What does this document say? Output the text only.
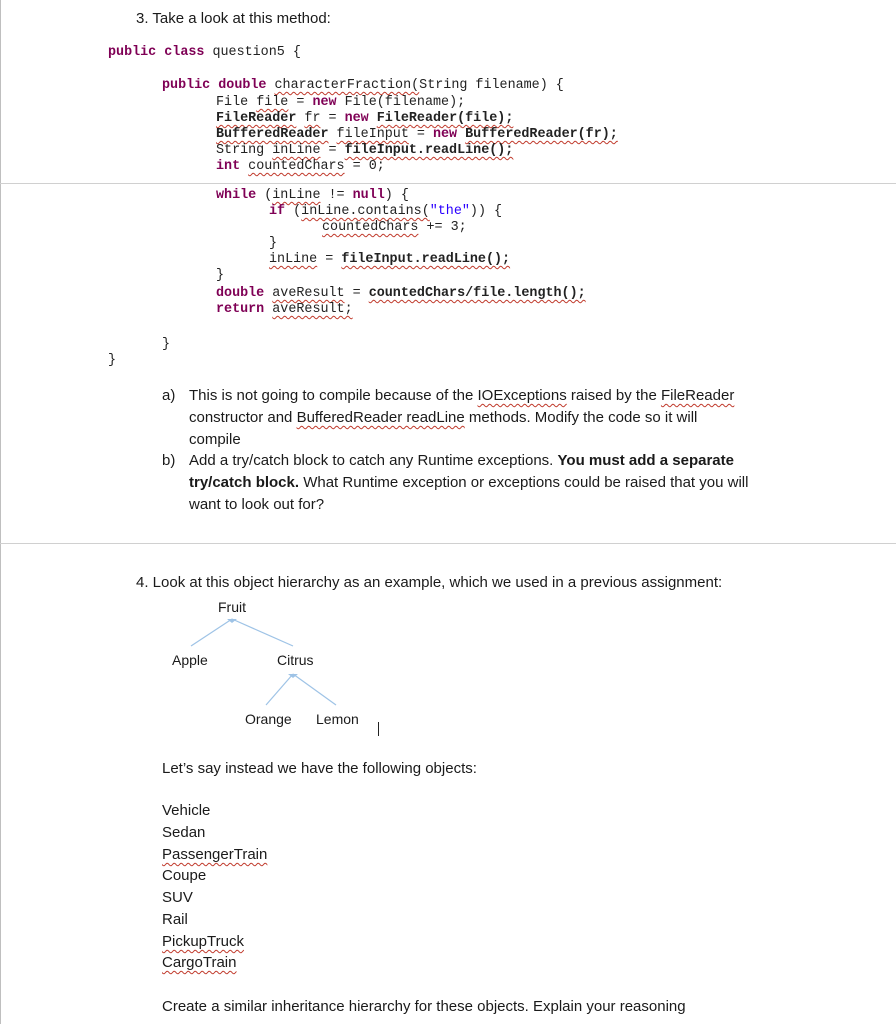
3. Take a look at this method:
public class question5 {
public double characterFraction(String filename) {
File file = new File(filename);
FileReader fr = new FileReader(file);
BufferedReader fileInput = new BufferedReader(fr);
String inLine = fileInput.readLine();
int countedChars = 0;
while (inLine != null) {
if (inLine.contains("the")) {
countedChars += 3;
}
inLine = fileInput.readLine();
}
double aveResult = countedChars/file.length();
return aveResult;
}
}
a) This is not going to compile because of the IOExceptions raised by the FileReader
constructor and BufferedReader readLine methods. Modify the code so it will
compile
b) Add a try/catch block to catch any Runtime exceptions. You must add a separate
try/catch block. What Runtime exception or exceptions could be raised that you will
want to look out for?
4. Look at this object hierarchy as an example, which we used in a previous assignment:
Fruit
Apple	Citrus
Orange Lemon
Let’s say instead we have the following objects:
Vehicle
Sedan
PassengerTrain
Coupe
SUV
Rail
PickupTruck
CargoTrain
Create a similar inheritance hierarchy for these objects. Explain your reasoning
